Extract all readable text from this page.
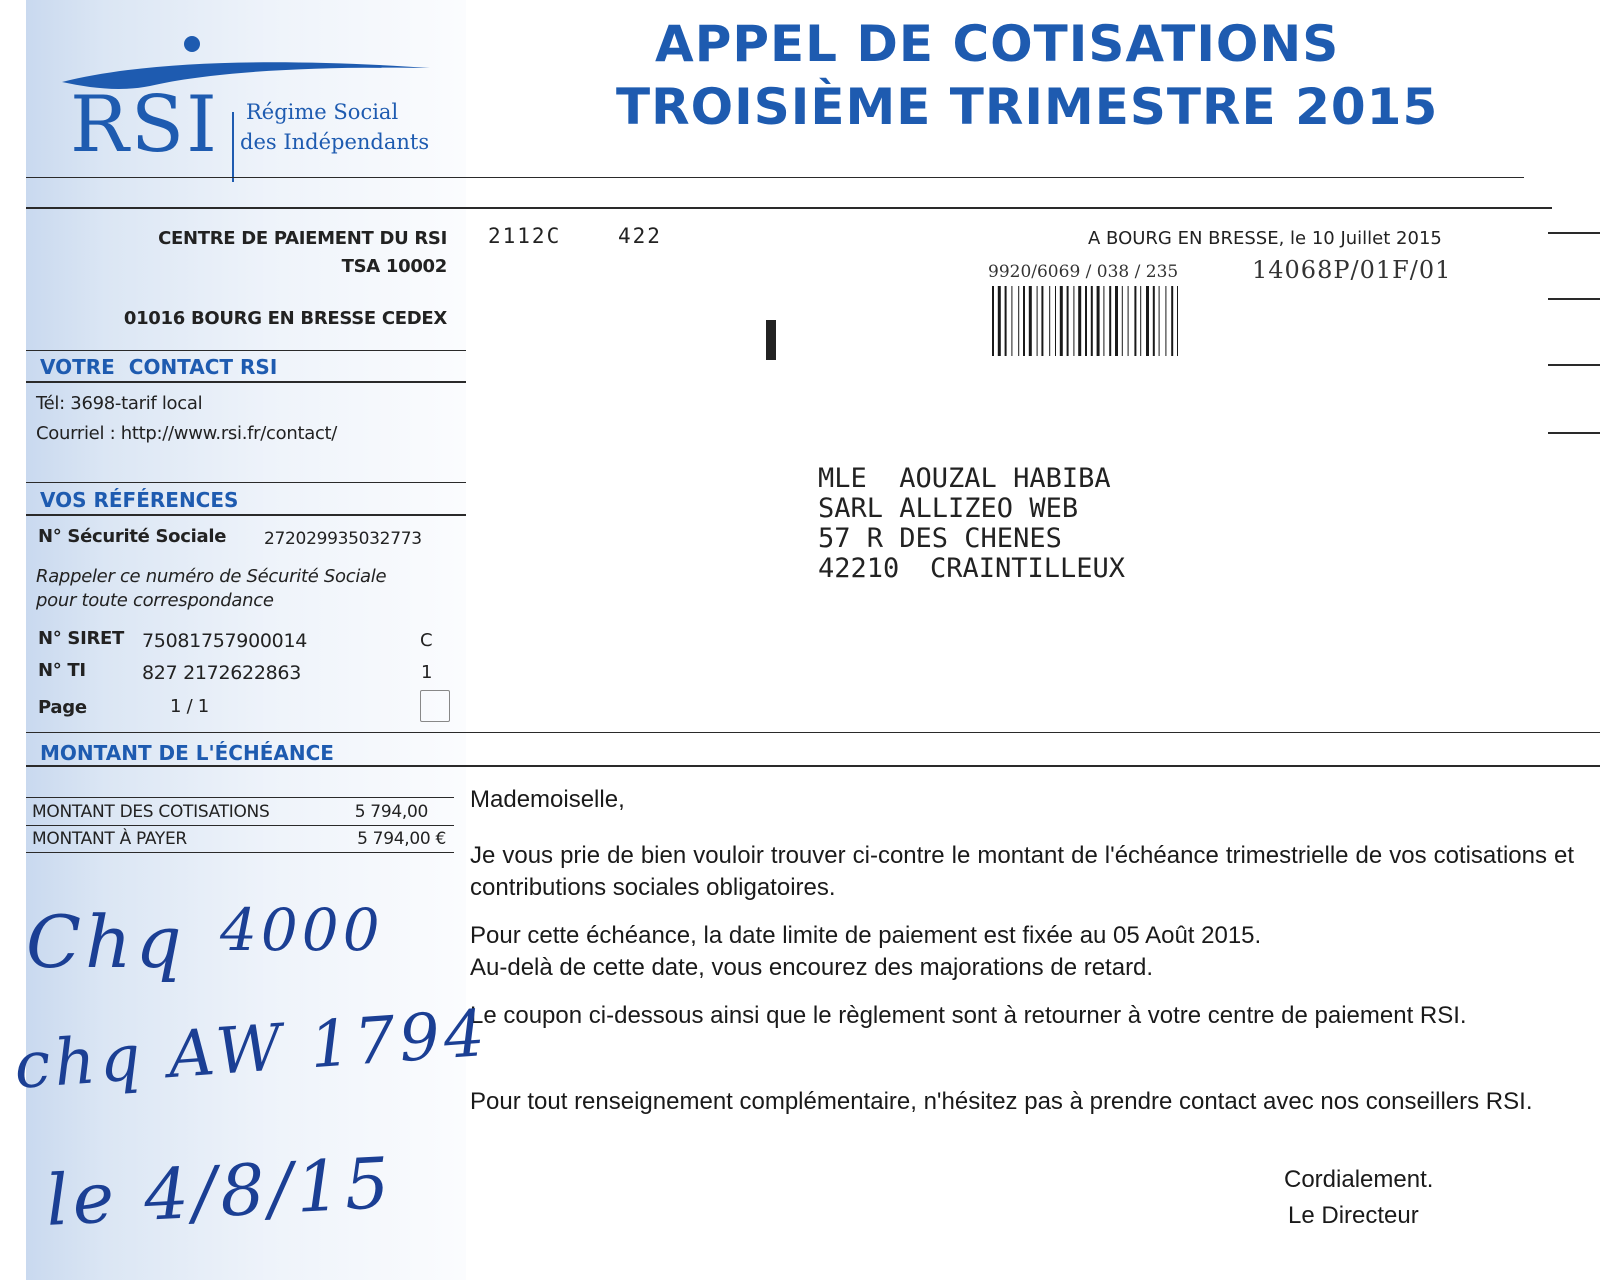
RSI Régime Social
des Indépendants
APPEL DE COTISATIONS
TROISIÈME TRIMESTRE 2015
CENTRE DE PAIEMENT DU RSI
TSA 10002
01016 BOURG EN BRESSE CEDEX
2112C	422	A BOURG EN BRESSE, le 10 Juillet 2015
9920/6069 / 038 / 235	14068P/01F/01
VOTRE  CONTACT RSI
Tél: 3698-tarif local
Courriel : http://www.rsi.fr/contact/
VOS RÉFÉRENCES
N° Sécurité Sociale 272029935032773
Rappeler ce numéro de Sécurité Sociale
pour toute correspondance
N° SIRET 75081757900014	C
N° TI	827 2172622863	1
Page	1 / 1
MONTANT DE L'ÉCHÉANCE
MONTANT DES COTISATIONS	5 794,00
MONTANT À PAYER	5 794,00 €
MLE  AOUZAL HABIBA
SARL ALLIZEO WEB
57 R DES CHENES
42210 CRAINTILLEUX
Mademoiselle,
Je vous prie de bien vouloir trouver ci-contre le montant de l'échéance trimestrielle de vos cotisations et contributions sociales obligatoires.
Pour cette échéance, la date limite de paiement est fixée au 05 Août 2015.
Au-delà de cette date, vous encourez des majorations de retard.
Le coupon ci-dessous ainsi que le règlement sont à retourner à votre centre de paiement RSI.
Pour tout renseignement complémentaire, n'hésitez pas à prendre contact avec nos conseillers RSI.
Cordialement.
Le Directeur
Chq 4000
chq AW 1794
le 4/8/15
